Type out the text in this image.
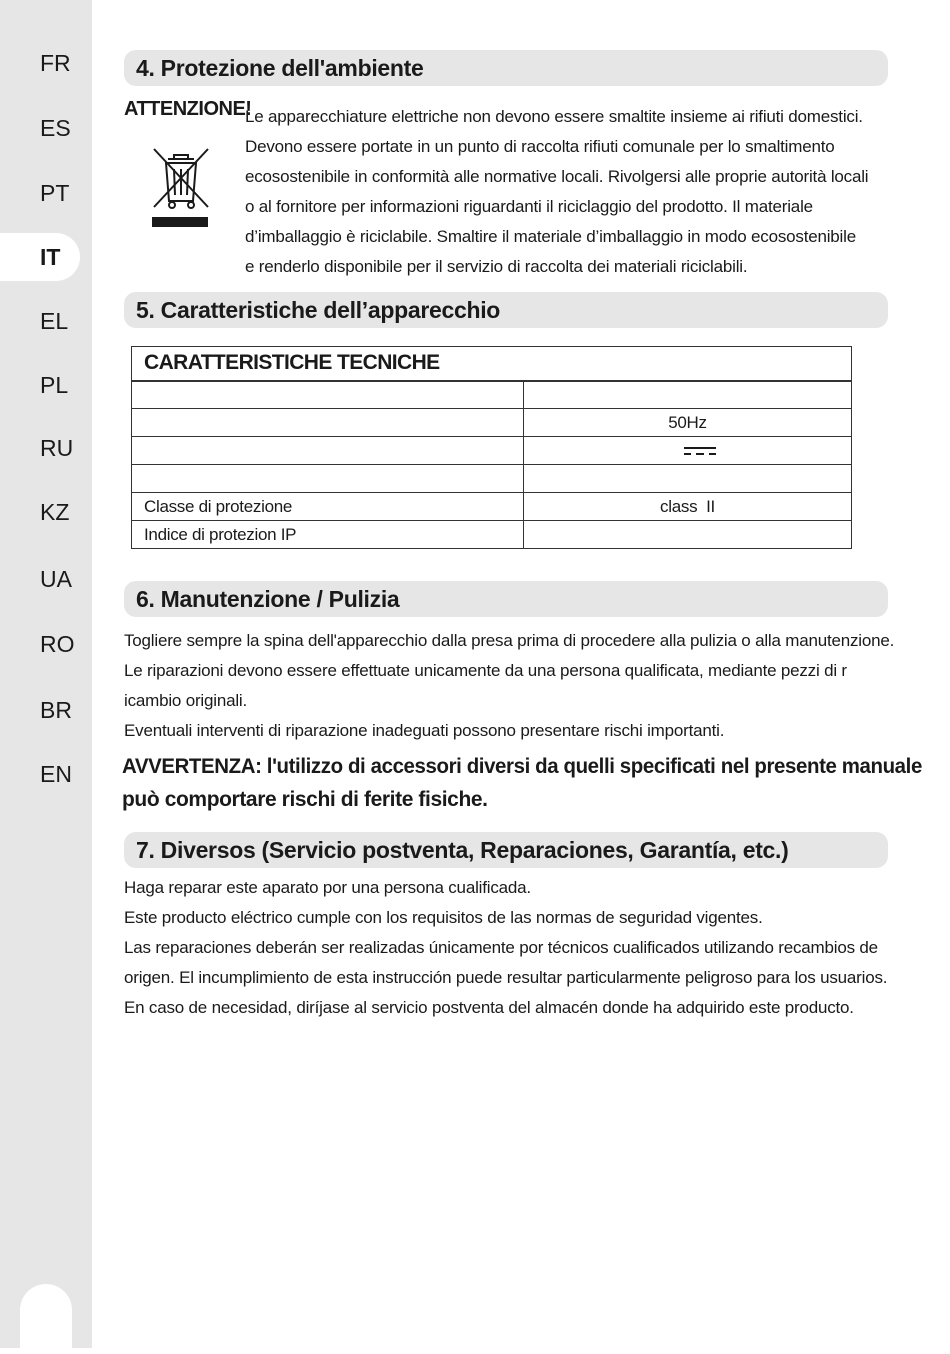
FR
ES
PT
IT
EL
PL
RU
KZ
UA
RO
BR
EN
4. Protezione dell'ambiente
ATTENZIONE!

Le apparecchiature elettriche non devono essere smaltite insieme ai rifiuti domestici.

Devono essere portate in un punto di raccolta rifiuti comunale per lo smaltimento

ecosostenibile in conformità alle normative locali. Rivolgersi alle proprie autorità locali

o al fornitore per informazioni riguardanti il riciclaggio del prodotto. Il materiale

d’imballaggio è riciclabile. Smaltire il materiale d’imballaggio in modo ecosostenibile

e renderlo disponibile per il servizio di raccolta dei materiali riciclabili.

5. Caratteristiche dell’apparecchio
CARATTERISTICHE TECNICHE	

	50Hz

Classe di protezione	class  II
Indice di protezion IP	
6. Manutenzione / Pulizia

Togliere sempre la spina dell'apparecchio dalla presa prima di procedere alla pulizia o alla manutenzione.

Le riparazioni devono essere effettuate unicamente da una persona qualificata, mediante pezzi di r

icambio originali.

Eventuali interventi di riparazione inadeguati possono presentare rischi importanti.

AVVERTENZA: l'utilizzo di accessori diversi da quelli specificati nel presente manuale
può comportare rischi di ferite fisiche.
7. Diversos (Servicio postventa, Reparaciones, Garantía, etc.)

Haga reparar este aparato por una persona cualificada.

Este producto eléctrico cumple con los requisitos de las normas de seguridad vigentes.

Las reparaciones deberán ser realizadas únicamente por técnicos cualificados utilizando recambios de

origen. El incumplimiento de esta instrucción puede resultar particularmente peligroso para los usuarios.

En caso de necesidad, diríjase al servicio postventa del almacén donde ha adquirido este producto.
